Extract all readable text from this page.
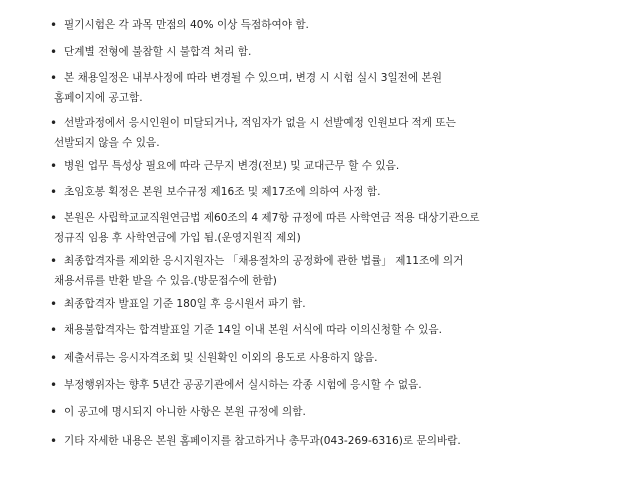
• 필기시험은 각 과목 만점의 40% 이상 득점하여야 함.
• 단계별 전형에 불참할 시 불합격 처리 함.
• 본 채용일정은 내부사정에 따라 변경될 수 있으며, 변경 시 시험 실시 3일전에 본원
홈페이지에 공고함.
• 선발과정에서 응시인원이 미달되거나, 적임자가 없을 시 선발예정 인원보다 적게 또는
선발되지 않을 수 있음.
• 병원 업무 특성상 필요에 따라 근무지 변경(전보) 및 교대근무 할 수 있음.
• 초임호봉 획정은 본원 보수규정 제16조 및 제17조에 의하여 사정 함.
• 본원은 사립학교교직원연금법 제60조의 4 제7항 규정에 따른 사학연금 적용 대상기관으로
정규직 임용 후 사학연금에 가입 됨.(운영지원직 제외)
• 최종합격자를 제외한 응시지원자는 「채용절차의 공정화에 관한 법률」 제11조에 의거
채용서류를 반환 받을 수 있음.(방문접수에 한함)
• 최종합격자 발표일 기준 180일 후 응시원서 파기 함.
• 채용불합격자는 합격발표일 기준 14일 이내 본원 서식에 따라 이의신청할 수 있음.
• 제출서류는 응시자격조회 및 신원확인 이외의 용도로 사용하지 않음.
• 부정행위자는 향후 5년간 공공기관에서 실시하는 각종 시험에 응시할 수 없음.
• 이 공고에 명시되지 아니한 사항은 본원 규정에 의함.
• 기타 자세한 내용은 본원 홈페이지를 참고하거나 총무과(043-269-6316)로 문의바람.
